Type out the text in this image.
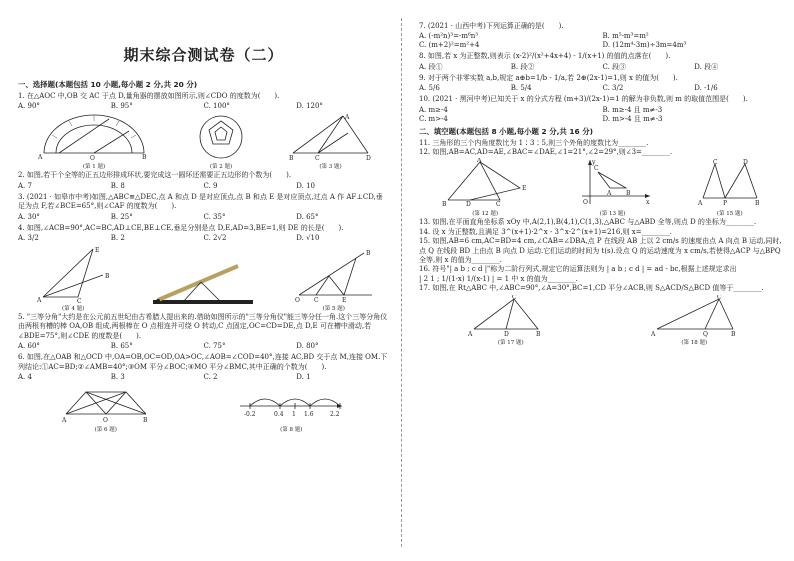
期末综合测试卷（二）
一、选择题(本题包括 10 小题,每小题 2 分,共 20 分)

1. 在△AOC 中,OB 交 AC 于点 D,量角器的摆放如图所示,则∠CDO 的度数为(　　).

A. 90°	B. 95°	C. 100°	D. 120°
A	O	B
(第 1 题)	(第 2 题)
B	C
A
D
(第 3 题)

2. 如图,若干个全等的正五边形排成环状,要完成这一圆环还需要正五边形的个数为(　　).

A. 7	B. 8	C. 9	D. 10

3. (2021 · 如皋市中考)如图,△ABC≌△DEC,点 A 和点 D 是对应顶点,点 B 和点 E 是对应顶点,过点 A 作 AF⊥CD,垂足为点 F,若∠BCE=65°,则∠CAF 的度数为(　　).

A. 30°	B. 25°	C. 35°	D. 65°

4. 如图,∠ACB=90°,AC=BC,AD⊥CE,BE⊥CE,垂足分别是点 D,E,AD=3,BE=1,则 DE 的长是(　　).

A. 3/2	B. 2	C. 2√2	D. √10
A
E
B
C
(第 4 题)
O C	E
B
(第 5 题)

5. "三等分角"大约是在公元前五世纪由古希腊人提出来的.借助如图所示的"三等分角仪"能三等分任一角.这个三等分角仪由两根有槽的棒 OA,OB 组成,两根棒在 O 点相连并可绕 O 转动,C 点固定,OC=CD=DE,点 D,E 可在槽中滑动,若∠BDE=75°,则∠CDE 的度数是(　　).

A. 60°	B. 65°	C. 75°	D. 80°

6. 如图,在△OAB 和△OCD 中,OA=OB,OC=OD,OA>OC,∠AOB=∠COD=40°,连接 AC,BD 交于点 M,连接 OM.下列结论:①AC=BD;②∠AMB=40°;③OM 平分∠BOC;④MO 平分∠BMC,其中正确的个数为(　　).

A. 4	B. 3	C. 2	D. 1
A	O	B
(第 6 题)
-0.2	0.4 1 1.6	2.2
(第 8 题)

7. (2021 · 山西中考)下列运算正确的是(　　).

A. (-m²n)³=-m⁶n³	B. m⁵-m³=m²
C. (m+2)²=m²+4	D. (12m⁴-3m)÷3m=4m³

8. 如图,若 x 为正整数,则表示 (x-2)²/(x²+4x+4) - 1/(x+1) 的值的点落在(　　).

A. 段①	B. 段②	C. 段③	D. 段④

9. 对于两个非零实数 a,b,规定 a⊕b=1/b - 1/a,若 2⊕(2x-1)=1,则 x 的值为(　　).

A. 5/6	B. 5/4	C. 3/2	D. -1/6

10. (2021 · 黑河中考)已知关于 x 的分式方程 (m+3)/(2x-1)=1 的解为非负数,则 m 的取值范围是(　　).

A. m≥-4	B. m≥-4 且 m≠-3
C. m>-4	D. m>-4 且 m≠-3
二、填空题(本题包括 8 小题,每小题 2 分,共 16 分)

11. 三角形的三个内角度数比为 1∶3∶5,则三个外角的度数比为________.

12. 如图,AB=AC,AD=AE,∠BAC=∠DAE,∠1=21°,∠2=29°,则∠3=________.

A
B	C
E
D
(第 12 题)
y
x
O
C
A B
(第 13 题)
A
C	D
P	B
(第 15 题)

13. 如图,在平面直角坐标系 xOy 中,A(2,1),B(4,1),C(1,3),△ABC 与△ABD 全等,则点 D 的坐标为________.

14. 设 x 为正整数,且满足 3^(x+1)·2^x - 3^x·2^(x+1)=216,则 x=________.

15. 如图,AB=6 cm,AC=BD=4 cm,∠CAB=∠DBA,点 P 在线段 AB 上以 2 cm/s 的速度由点 A 向点 B 运动,同时,点 Q 在线段 BD 上由点 B 向点 D 运动.它们运动的时间为 t(s).设点 Q 的运动速度为 x cm/s,若使得△ACP 与△BPQ 全等,则 x 的值为________.

16. 符号"| a b ; c d |"称为二阶行列式,规定它的运算法则为 | a b ; c d | = ad - bc,根据上述规定求出

| 2 1 ; 1/(1-x) 1/(x-1) | = 1 中 x 的值为________.

17. 如图,在 Rt△ABC 中,∠ABC=90°,∠A=30°,BC=1,CD 平分∠ACB,则 S△ACD/S△BCD 值等于________.

A
C
D	B
(第 17 题)
A
C
Q	B
(第 18 题)
